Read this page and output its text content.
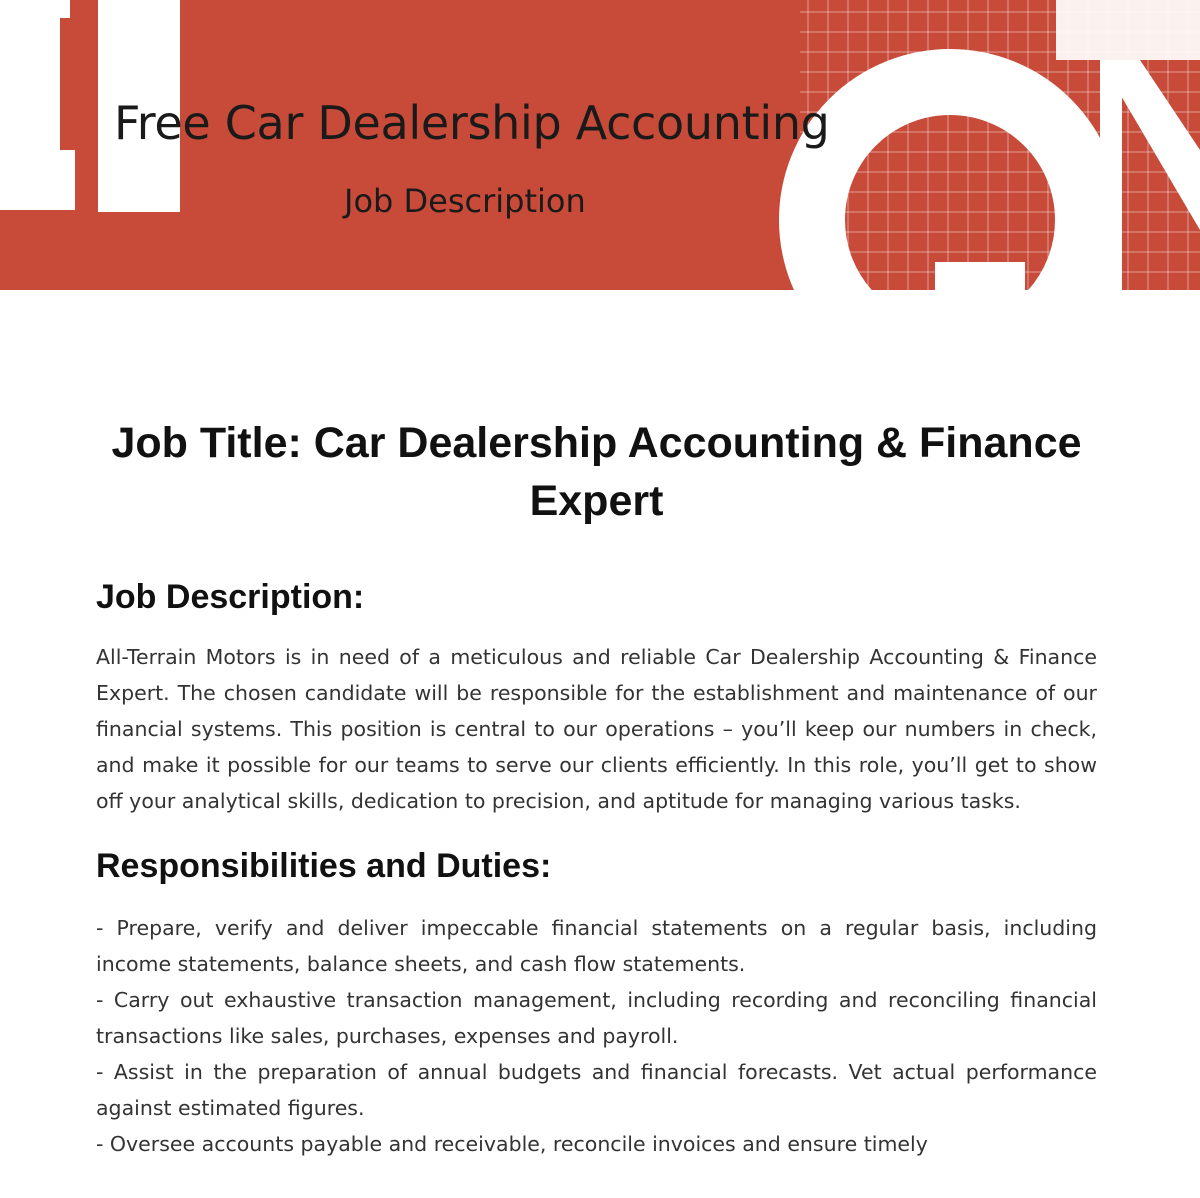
Free Car Dealership Accounting
Job Description
Job Title: Car Dealership Accounting & Finance Expert
Job Description:

All-Terrain Motors is in need of a meticulous and reliable Car Dealership Accounting & Finance Expert. The chosen candidate will be responsible for the establishment and maintenance of our financial systems. This position is central to our operations – you’ll keep our numbers in check, and make it possible for our teams to serve our clients efficiently. In this role, you’ll get to show off your analytical skills, dedication to precision, and aptitude for managing various tasks.

Responsibilities and Duties:

- Prepare, verify and deliver impeccable financial statements on a regular basis, including income statements, balance sheets, and cash flow statements.

- Carry out exhaustive transaction management, including recording and reconciling financial transactions like sales, purchases, expenses and payroll.

- Assist in the preparation of annual budgets and financial forecasts. Vet actual performance against estimated figures.

- Oversee accounts payable and receivable, reconcile invoices and ensure timely
